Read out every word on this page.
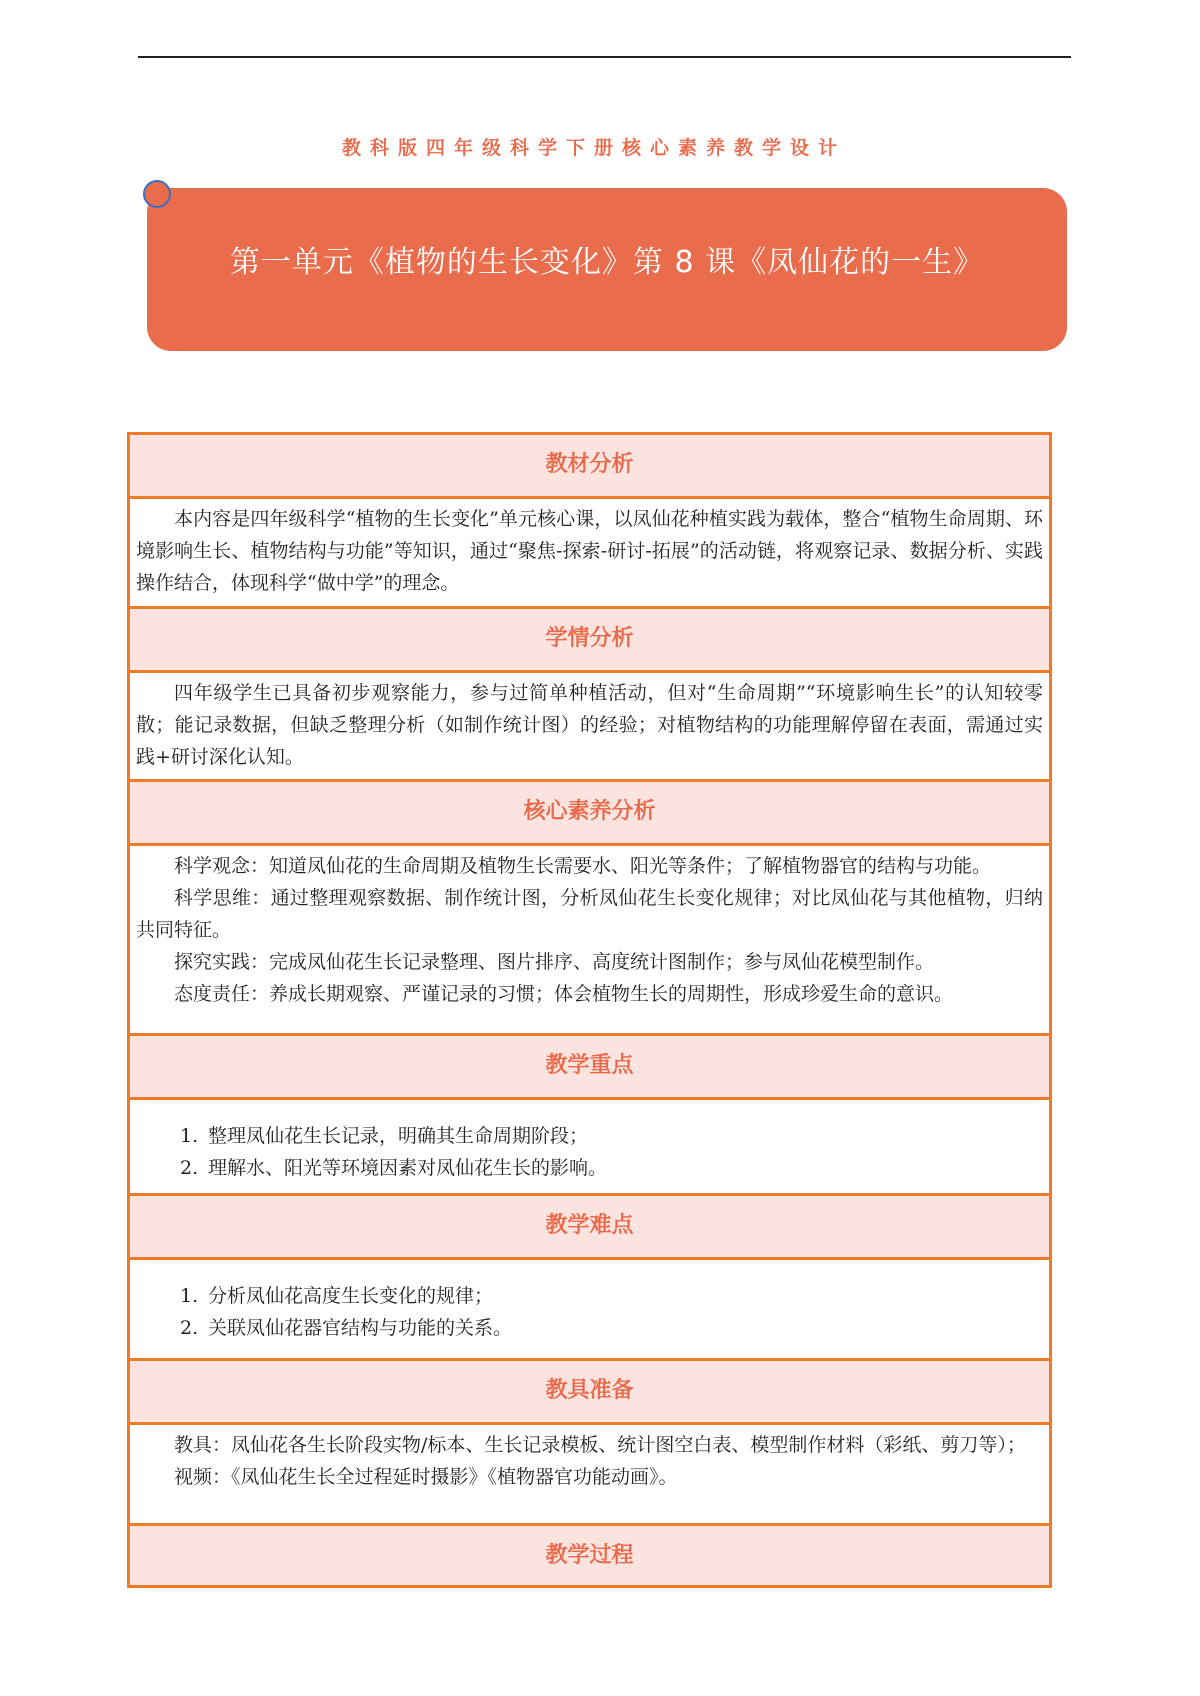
教科版四年级科学下册核心素养教学设计
第一单元《植物的生长变化》第 8 课《凤仙花的一生》
教材分析

本内容是四年级科学“植物的生长变化”单元核心课，以凤仙花种植实践为载体，整合“植物生命周期、环境影响生长、植物结构与功能”等知识，通过“聚焦-探索-研讨-拓展”的活动链，将观察记录、数据分析、实践操作结合，体现科学“做中学”的理念。

学情分析

四年级学生已具备初步观察能力，参与过简单种植活动，但对“生命周期”“环境影响生长”的认知较零散；能记录数据，但缺乏整理分析（如制作统计图）的经验；对植物结构的功能理解停留在表面，需通过实践+研讨深化认知。

核心素养分析

科学观念：知道凤仙花的生命周期及植物生长需要水、阳光等条件；了解植物器官的结构与功能。

科学思维：通过整理观察数据、制作统计图，分析凤仙花生长变化规律；对比凤仙花与其他植物，归纳共同特征。

探究实践：完成凤仙花生长记录整理、图片排序、高度统计图制作；参与凤仙花模型制作。

态度责任：养成长期观察、严谨记录的习惯；体会植物生长的周期性，形成珍爱生命的意识。

教学重点

1. 整理凤仙花生长记录，明确其生命周期阶段；

2. 理解水、阳光等环境因素对凤仙花生长的影响。

教学难点

1. 分析凤仙花高度生长变化的规律；

2. 关联凤仙花器官结构与功能的关系。

教具准备

教具：凤仙花各生长阶段实物/标本、生长记录模板、统计图空白表、模型制作材料（彩纸、剪刀等）；

视频：《凤仙花生长全过程延时摄影》《植物器官功能动画》。

教学过程
